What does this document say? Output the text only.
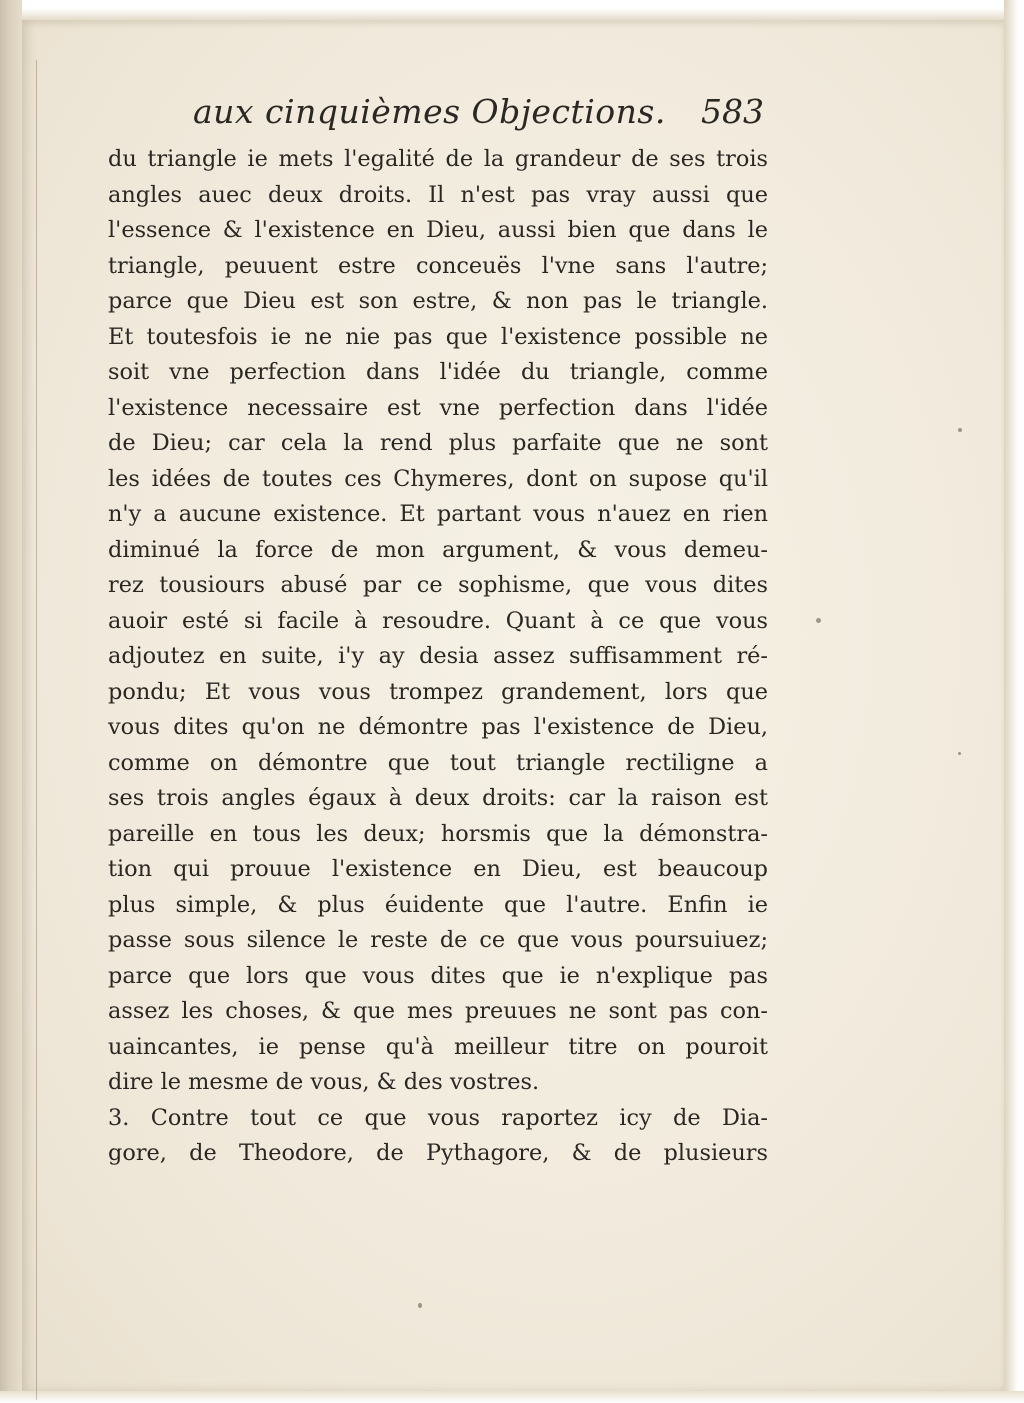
aux cinquièmes Objections. 583
du triangle ie mets l'egalité de la grandeur de ses trois
angles auec deux droits. Il n'est pas vray aussi que
l'essence & l'existence en Dieu, aussi bien que dans le
triangle, peuuent estre conceuës l'vne sans l'autre;
parce que Dieu est son estre, & non pas le triangle.
Et toutesfois ie ne nie pas que l'existence possible ne
soit vne perfection dans l'idée du triangle, comme
l'existence necessaire est vne perfection dans l'idée
de Dieu; car cela la rend plus parfaite que ne sont
les idées de toutes ces Chymeres, dont on supose qu'il
n'y a aucune existence. Et partant vous n'auez en rien
diminué la force de mon argument, & vous demeu-
rez tousiours abusé par ce sophisme, que vous dites
auoir esté si facile à resoudre. Quant à ce que vous
adjoutez en suite, i'y ay desia assez suffisamment ré-
pondu; Et vous vous trompez grandement, lors que
vous dites qu'on ne démontre pas l'existence de Dieu,
comme on démontre que tout triangle rectiligne a
ses trois angles égaux à deux droits: car la raison est
pareille en tous les deux; horsmis que la démonstra-
tion qui prouue l'existence en Dieu, est beaucoup
plus simple, & plus éuidente que l'autre. Enfin ie
passe sous silence le reste de ce que vous poursuiuez;
parce que lors que vous dites que ie n'explique pas
assez les choses, & que mes preuues ne sont pas con-
uaincantes, ie pense qu'à meilleur titre on pouroit
dire le mesme de vous, & des vostres.
3. Contre tout ce que vous raportez icy de Dia-
gore, de Theodore, de Pythagore, & de plusieurs
